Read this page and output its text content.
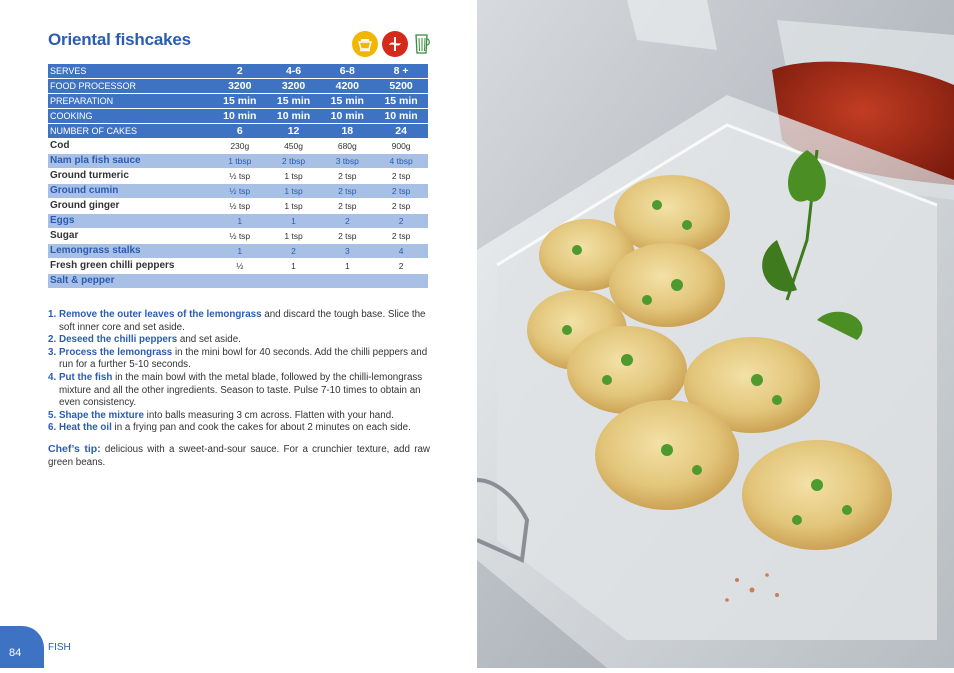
Oriental fishcakes
SERVES	2	4-6	6-8	8 +
FOOD PROCESSOR	3200	3200	4200	5200
PREPARATION	15 min	15 min	15 min	15 min
COOKING	10 min	10 min	10 min	10 min
NUMBER OF CAKES	6	12	18	24
Cod	230g	450g	680g	900g
Nam pla fish sauce	1 tbsp	2 tbsp	3 tbsp	4 tbsp
Ground turmeric	½ tsp	1 tsp	2 tsp	2 tsp
Ground cumin	½ tsp	1 tsp	2 tsp	2 tsp
Ground ginger	½ tsp	1 tsp	2 tsp	2 tsp
Eggs	1	1	2	2
Sugar	½ tsp	1 tsp	2 tsp	2 tsp
Lemongrass stalks	1	2	3	4
Fresh green chilli peppers	½	1	1	2
Salt & pepper				
1. Remove the outer leaves of the lemongrass and discard the tough base. Slice the soft inner core and set aside.
2. Deseed the chilli peppers and set aside.
3. Process the lemongrass in the mini bowl for 40 seconds. Add the chilli peppers and run for a further 5-10 seconds.
4. Put the fish in the main bowl with the metal blade, followed by the chilli-lemongrass mixture and all the other ingredients. Season to taste. Pulse 7-10 times to obtain an even consistency.
5. Shape the mixture into balls measuring 3 cm across. Flatten with your hand.
6. Heat the oil in a frying pan and cook the cakes for about 2 minutes on each side.
Chef’s tip: delicious with a sweet-and-sour sauce. For a crunchier texture, add raw green beans.
84	FISH
